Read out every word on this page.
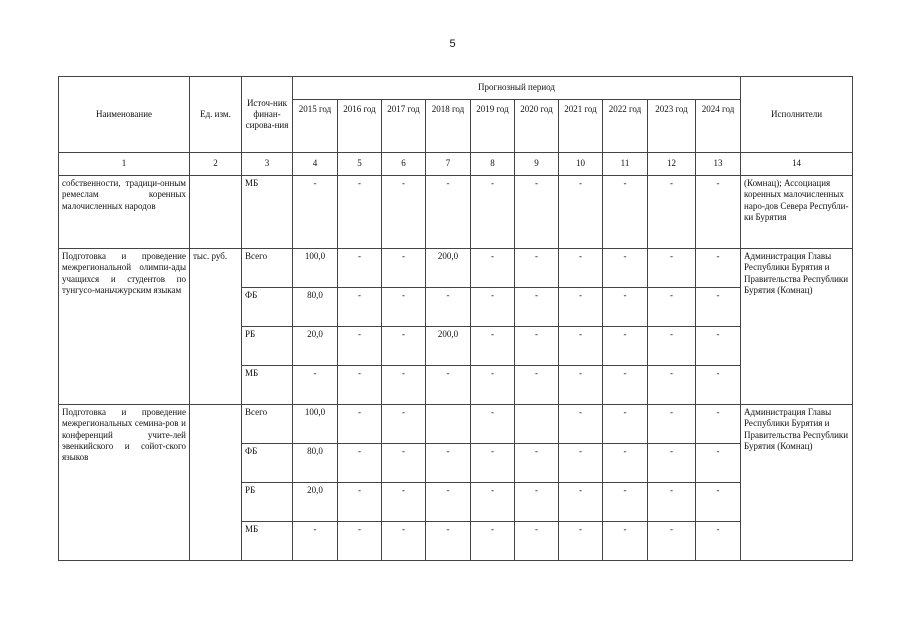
5
Наименование	Ед. изм.	Источ-ник финан-сирова-ния	Прогнозный период										Исполнители
			2015 год	2016 год	2017 год	2018 год	2019 год	2020 год	2021 год	2022 год	2023 год	2024 год	
1	2	3	4	5	6	7	8	9	10	11	12	13	14
собственности, традици-онным ремеслам коренных малочисленных народов		МБ	-	-	-	-	-	-	-	-	-	-	(Комнац); Ассоциация коренных малочисленных наро-дов Севера Республи-ки Бурятия
Подготовка и проведение межрегиональной олимпи-ады учащихся и студентов по тунгусо-маньчжурским языкам	тыс. руб.	Всего	100,0	-	-	200,0	-	-	-	-	-	-	Администрация Главы Республики Бурятия и Правительства Республики Бурятия (Комнац)
		ФБ	80,0	-	-	-	-	-	-	-	-	-	
		РБ	20,0	-	-	200,0	-	-	-	-	-	-	
		МБ	-	-	-	-	-	-	-	-	-	-	
Подготовка и проведение межрегиональных семина-ров и конференций учите-лей эвенкийского и сойот-ского языков		Всего	100,0	-	-		-		-	-	-	-	Администрация Главы Республики Бурятия и Правительства Республики Бурятия (Комнац)
		ФБ	80,0	-	-	-	-	-	-	-	-	-	
		РБ	20,0	-	-	-	-	-	-	-	-	-	
		МБ	-	-	-	-	-	-	-	-	-	-	
